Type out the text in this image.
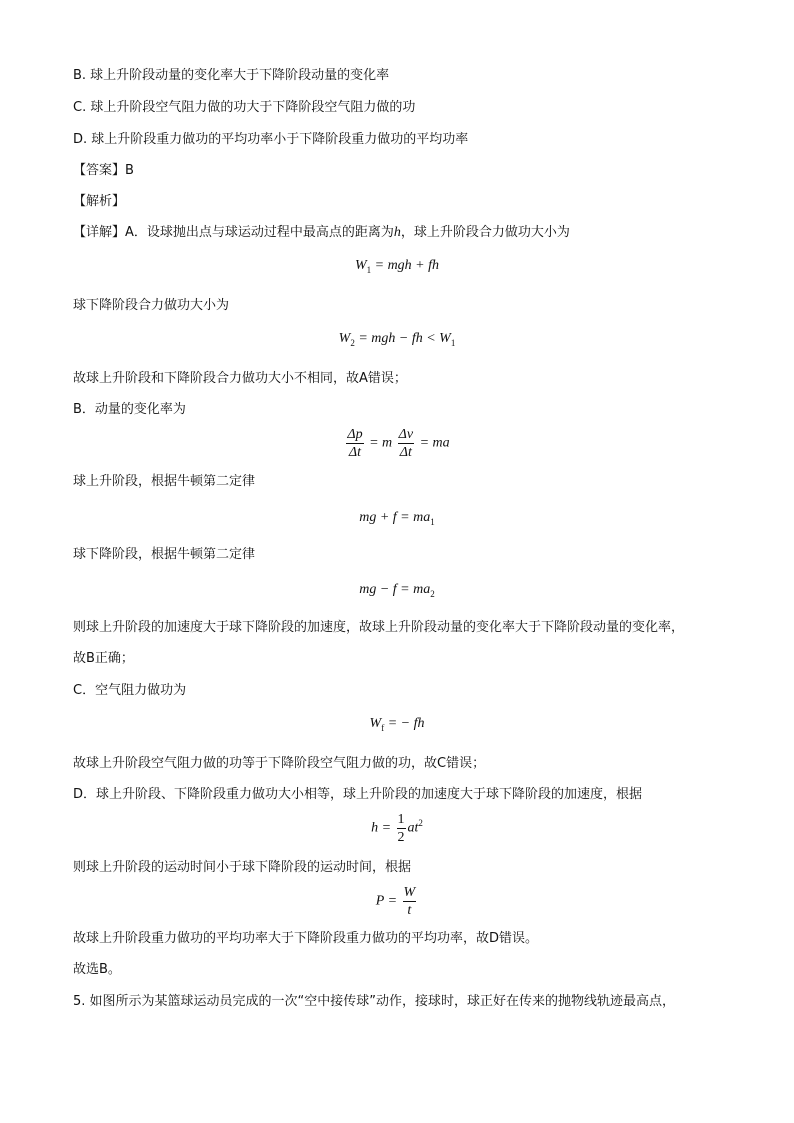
B. 球上升阶段动量的变化率大于下降阶段动量的变化率
C. 球上升阶段空气阻力做的功大于下降阶段空气阻力做的功
D. 球上升阶段重力做功的平均功率小于下降阶段重力做功的平均功率
【答案】B
【解析】
【详解】A．设球抛出点与球运动过程中最高点的距离为h，球上升阶段合力做功大小为
$W_1$ = mgh + fh
球下降阶段合力做功大小为
$W_2$ = mgh − fh < $W_1$
故球上升阶段和下降阶段合力做功大小不相同，故A错误；
B．动量的变化率为
$\frac{\Delta p}{\Delta t} = m \frac{\Delta v}{\Delta t}$ = ma
球上升阶段，根据牛顿第二定律
mg + $f = ma_1$
球下降阶段，根据牛顿第二定律
mg − $f = ma_2$
则球上升阶段的加速度大于球下降阶段的加速度，故球上升阶段动量的变化率大于下降阶段动量的变化率，
故B正确；
C．空气阻力做功为
$W_f$ = − fh
故球上升阶段空气阻力做的功等于下降阶段空气阻力做的功，故C错误；
D．球上升阶段、下降阶段重力做功大小相等，球上升阶段的加速度大于球下降阶段的加速度，根据
$h = \frac{1}{2} at^2$
则球上升阶段的运动时间小于球下降阶段的运动时间，根据
$P = \frac{W}{t}$
故球上升阶段重力做功的平均功率大于下降阶段重力做功的平均功率，故D错误。
故选B。
5. 如图所示为某篮球运动员完成的一次“空中接传球”动作，接球时，球正好在传来的抛物线轨迹最高点，
